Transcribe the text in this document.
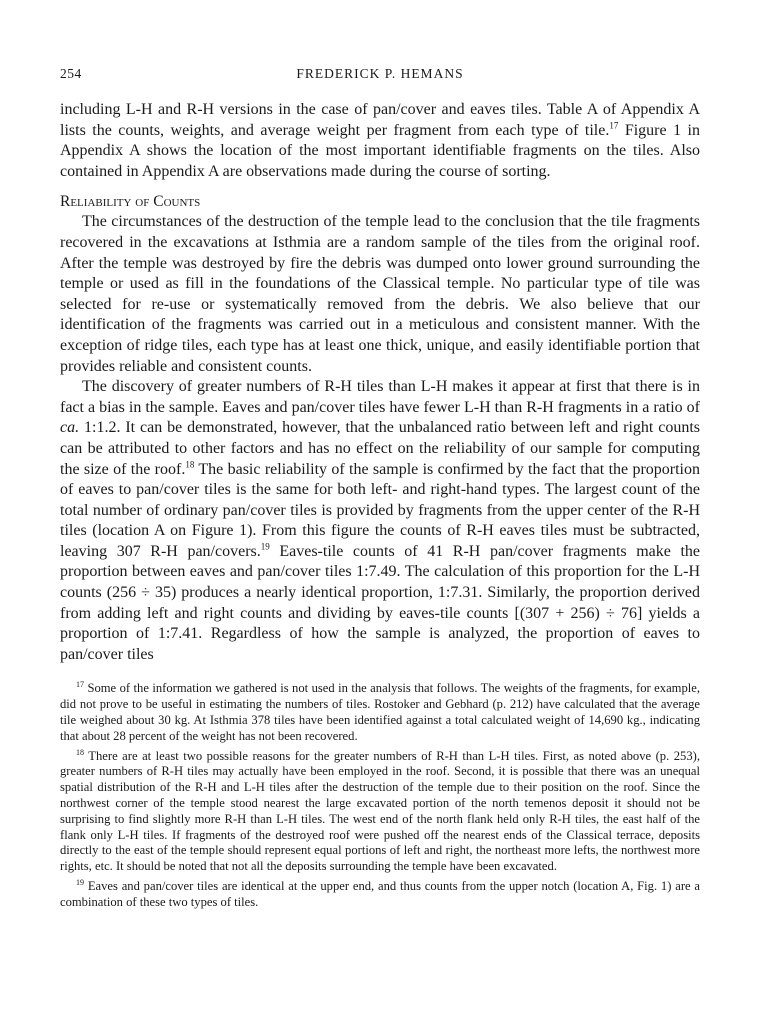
254	FREDERICK P. HEMANS

including L-H and R-H versions in the case of pan/cover and eaves tiles. Table A of Appendix A lists the counts, weights, and average weight per fragment from each type of tile.$^{17}$ Figure 1 in Appendix A shows the location of the most important identifiable fragments on the tiles. Also contained in Appendix A are observations made during the course of sorting.

Reliability of Counts

The circumstances of the destruction of the temple lead to the conclusion that the tile fragments recovered in the excavations at Isthmia are a random sample of the tiles from the original roof. After the temple was destroyed by fire the debris was dumped onto lower ground surrounding the temple or used as fill in the foundations of the Classical temple. No particular type of tile was selected for re-use or systematically removed from the debris. We also believe that our identification of the fragments was carried out in a meticulous and consistent manner. With the exception of ridge tiles, each type has at least one thick, unique, and easily identifiable portion that provides reliable and consistent counts.

The discovery of greater numbers of R-H tiles than L-H makes it appear at first that there is in fact a bias in the sample. Eaves and pan/cover tiles have fewer L-H than R-H fragments in a ratio of ca. 1:1.2. It can be demonstrated, however, that the unbalanced ratio between left and right counts can be attributed to other factors and has no effect on the reliability of our sample for computing the size of the roof.$^{18}$ The basic reliability of the sample is confirmed by the fact that the proportion of eaves to pan/cover tiles is the same for both left- and right-hand types. The largest count of the total number of ordinary pan/cover tiles is provided by fragments from the upper center of the R-H tiles (location A on Figure 1). From this figure the counts of R-H eaves tiles must be subtracted, leaving 307 R-H pan/covers.$^{19}$ Eaves-tile counts of 41 R-H pan/cover fragments make the proportion between eaves and pan/cover tiles 1:7.49. The calculation of this proportion for the L-H counts (256 ÷ 35) produces a nearly identical proportion, 1:7.31. Similarly, the proportion derived from adding left and right counts and dividing by eaves-tile counts [(307 + 256) ÷ 76] yields a proportion of 1:7.41. Regardless of how the sample is analyzed, the proportion of eaves to pan/cover tiles

$^{17}$ Some of the information we gathered is not used in the analysis that follows. The weights of the fragments, for example, did not prove to be useful in estimating the numbers of tiles. Rostoker and Gebhard (p. 212) have calculated that the average tile weighed about 30 kg. At Isthmia 378 tiles have been identified against a total calculated weight of 14,690 kg., indicating that about 28 percent of the weight has not been recovered.

$^{18}$ There are at least two possible reasons for the greater numbers of R-H than L-H tiles. First, as noted above (p. 253), greater numbers of R-H tiles may actually have been employed in the roof. Second, it is possible that there was an unequal spatial distribution of the R-H and L-H tiles after the destruction of the temple due to their position on the roof. Since the northwest corner of the temple stood nearest the large excavated portion of the north temenos deposit it should not be surprising to find slightly more R-H than L-H tiles. The west end of the north flank held only R-H tiles, the east half of the flank only L-H tiles. If fragments of the destroyed roof were pushed off the nearest ends of the Classical terrace, deposits directly to the east of the temple should represent equal portions of left and right, the northeast more lefts, the northwest more rights, etc. It should be noted that not all the deposits surrounding the temple have been excavated.

$^{19}$ Eaves and pan/cover tiles are identical at the upper end, and thus counts from the upper notch (location A, Fig. 1) are a combination of these two types of tiles.
